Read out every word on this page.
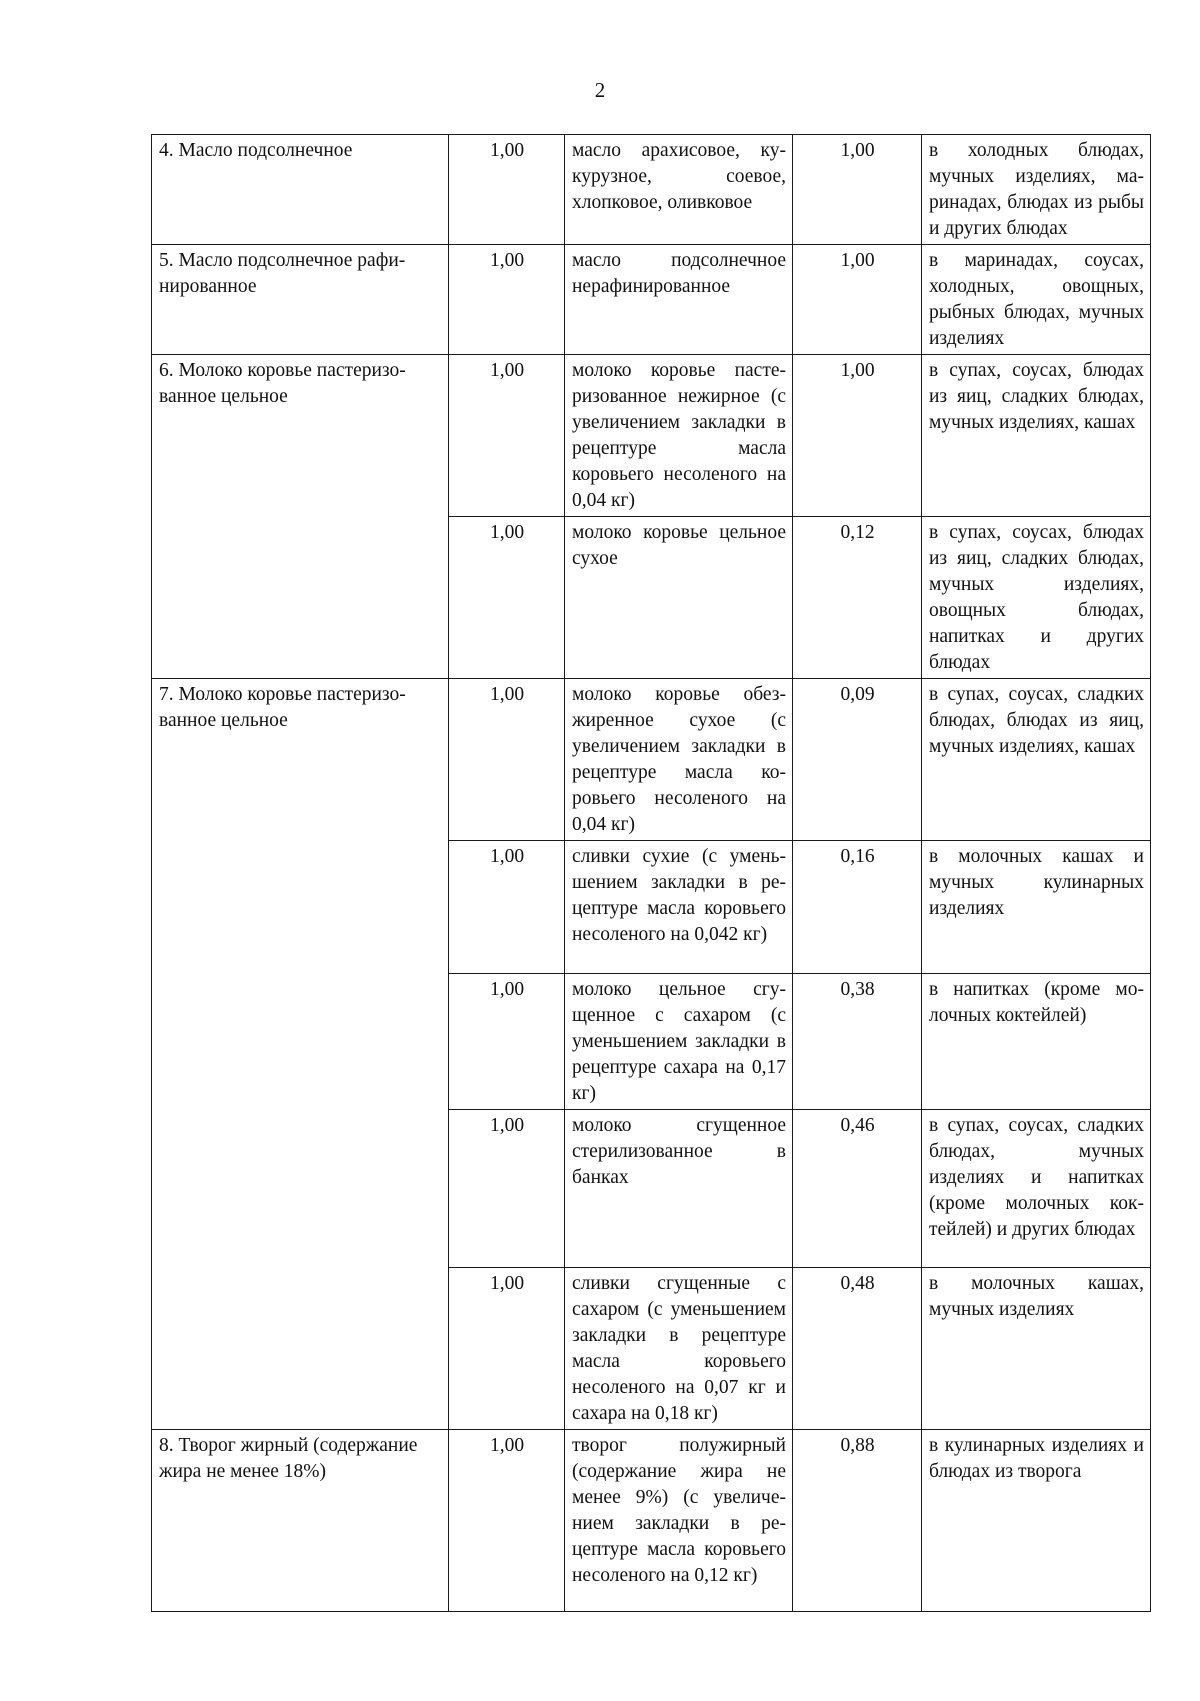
2
4. Масло подсолнечное	1,00	масло арахисовое, кукурузное, соевое, хлопковое, оливковое	1,00	в холодных блюдах, мучных изделиях, маринадах, блюдах из рыбы и других блюдах
5. Масло подсолнечное рафинированное	1,00	масло подсолнечное нерафинированное	1,00	в маринадах, соусах, холодных, овощных, рыбных блюдах, мучных изделиях
6. Молоко коровье пастеризованное цельное	1,00	молоко коровье пастеризованное нежирное (с увеличением закладки в рецептуре масла коровьего несоленого на 0,04 кг)	1,00	в супах, соусах, блюдах из яиц, сладких блюдах, мучных изделиях, кашах
	1,00	молоко коровье цельное сухое	0,12	в супах, соусах, блюдах из яиц, сладких блюдах, мучных изделиях, овощных блюдах, напитках и других блюдах
7. Молоко коровье пастеризованное цельное	1,00	молоко коровье обезжиренное сухое (с увеличением закладки в рецептуре масла коровьего несоленого на 0,04 кг)	0,09	в супах, соусах, сладких блюдах, блюдах из яиц, мучных изделиях, кашах
	1,00	сливки сухие (с уменьшением закладки в рецептуре масла коровьего несоленого на 0,042 кг)	0,16	в молочных кашах и мучных кулинарных изделиях
	1,00	молоко цельное сгущенное с сахаром (с уменьшением закладки в рецептуре сахара на 0,17 кг)	0,38	в напитках (кроме молочных коктейлей)
	1,00	молоко сгущенное стерилизованное в банках	0,46	в супах, соусах, сладких блюдах, мучных изделиях и напитках (кроме молочных коктейлей) и других блюдах
	1,00	сливки сгущенные с сахаром (с уменьшением закладки в рецептуре масла коровьего несоленого на 0,07 кг и сахара на 0,18 кг)	0,48	в молочных кашах, мучных изделиях
8. Творог жирный (содержание жира не менее 18%)	1,00	творог полужирный (содержание жира не менее 9%) (с увеличением закладки в рецептуре масла коровьего несоленого на 0,12 кг)	0,88	в кулинарных изделиях и блюдах из творога
